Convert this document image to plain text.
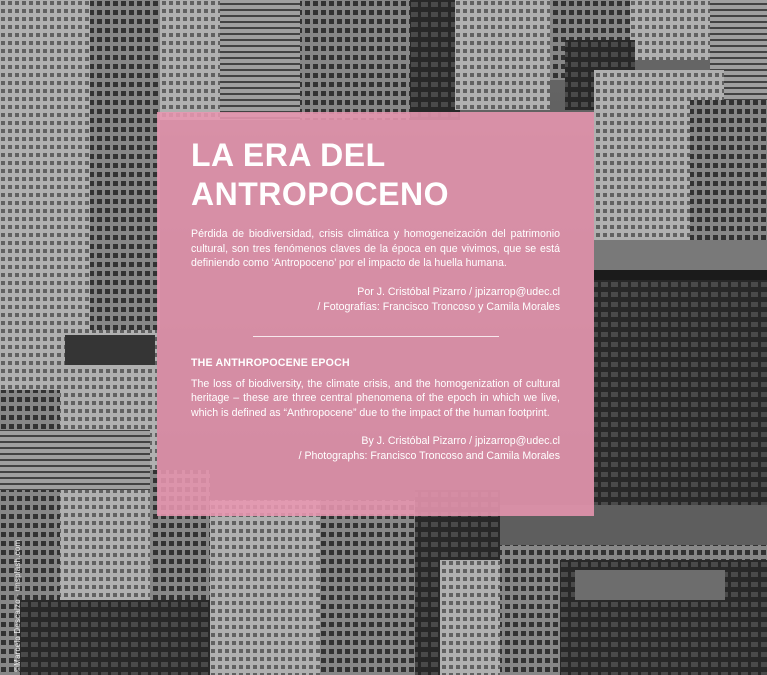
©Marcelo Descalzo - unsplash.com
LA ERA DEL
ANTROPOCENO

Pérdida de biodiversidad, crisis climática y homogeneización del patrimonio cultural, son tres fenómenos claves de la época en que vivimos, que se está definiendo como ‘Antropoceno’ por el impacto de la huella humana.

Por J. Cristóbal Pizarro / jpizarrop@udec.cl
/ Fotografías: Francisco Troncoso y Camila Morales
THE ANTHROPOCENE EPOCH

The loss of biodiversity, the climate crisis, and the homogenization of cultural heritage – these are three central phenomena of the epoch in which we live, which is defined as “Anthropocene” due to the impact of the human footprint.

By J. Cristóbal Pizarro / jpizarrop@udec.cl
/ Photographs: Francisco Troncoso and Camila Morales
